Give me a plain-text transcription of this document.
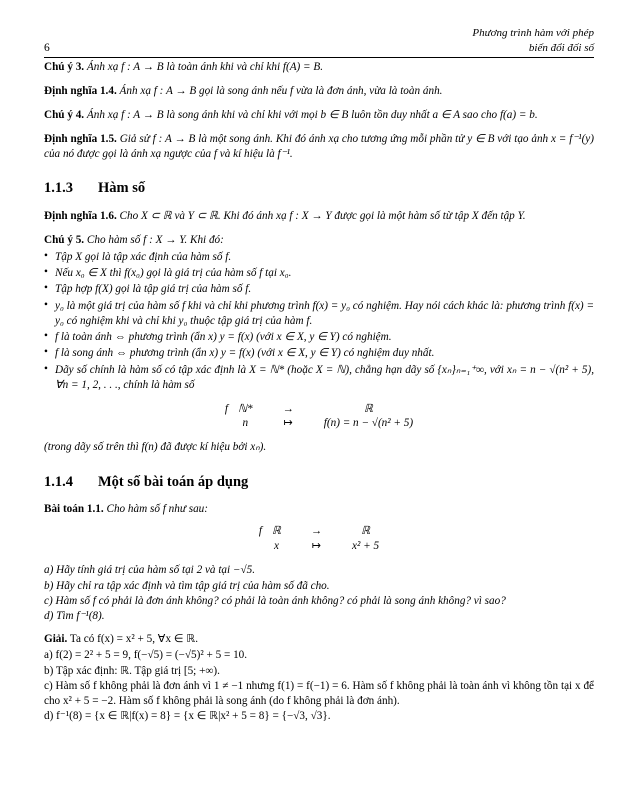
Phương trình hàm với phép
biến đổi đối số
6

Chú ý 3. Ánh xạ f : A → B là toàn ánh khi và chỉ khi f(A) = B.

Định nghĩa 1.4. Ánh xạ f : A → B gọi là song ánh nếu f vừa là đơn ánh, vừa là toàn ánh.

Chú ý 4. Ánh xạ f : A → B là song ánh khi và chỉ khi với mọi b ∈ B luôn tồn duy nhất a ∈ A sao cho f(a) = b.

Định nghĩa 1.5. Giả sử f : A → B là một song ánh. Khi đó ánh xạ cho tương ứng mỗi phần tử y ∈ B với tạo ảnh x = f⁻¹(y) của nó được gọi là ánh xạ ngược của f và kí hiệu là f⁻¹.

1.1.3 Hàm số

Định nghĩa 1.6. Cho X ⊂ ℝ và Y ⊂ ℝ. Khi đó ánh xạ f : X → Y được gọi là một hàm số từ tập X đến tập Y.

Chú ý 5. Cho hàm số f : X → Y. Khi đó:

• Tập X gọi là tập xác định của hàm số f.
• Nếu x₀ ∈ X thì f(x₀) gọi là giá trị của hàm số f tại x₀.
• Tập hợp f(X) gọi là tập giá trị của hàm số f.
• y₀ là một giá trị của hàm số f khi và chỉ khi phương trình f(x) = y₀ có nghiệm. Hay nói cách khác là: phương trình f(x) = y₀ có nghiệm khi và chỉ khi y₀ thuộc tập giá trị của hàm f.
• f là toàn ánh ⇔ phương trình (ẩn x) y = f(x) (với x ∈ X, y ∈ Y) có nghiệm.
• f là song ánh ⇔ phương trình (ẩn x) y = f(x) (với x ∈ X, y ∈ Y) có nghiệm duy nhất.
• Dãy số chính là hàm số có tập xác định là X = ℕ* (hoặc X = ℕ), chẳng hạn dãy số {xₙ}ₙ₌₁⁺∞, với xₙ = n − √(n² + 5), ∀n = 1, 2, . . ., chính là hàm số
f	ℕ*	→	ℝ
	n	↦	f(n) = n − √(n² + 5)

(trong dãy số trên thì f(n) đã được kí hiệu bởi xₙ).

1.1.4 Một số bài toán áp dụng

Bài toán 1.1. Cho hàm số f như sau:

f	ℝ	→	ℝ
	x	↦	x² + 5
a) Hãy tính giá trị của hàm số tại 2 và tại −√5.
b) Hãy chỉ ra tập xác định và tìm tập giá trị của hàm số đã cho.
c) Hàm số f có phải là đơn ánh không? có phải là toàn ánh không? có phải là song ánh không? vì sao?
d) Tìm f⁻¹(8).

Giải. Ta có f(x) = x² + 5, ∀x ∈ ℝ.

a) f(2) = 2² + 5 = 9, f(−√5) = (−√5)² + 5 = 10.
b) Tập xác định: ℝ. Tập giá trị [5; +∞).
c) Hàm số f không phải là đơn ánh vì 1 ≠ −1 nhưng f(1) = f(−1) = 6. Hàm số f không phải là toàn ánh vì không tồn tại x để cho x² + 5 = −2. Hàm số f không phải là song ánh (do f không phải là đơn ánh).
d) f⁻¹(8) = {x ∈ ℝ|f(x) = 8} = {x ∈ ℝ|x² + 5 = 8} = {−√3, √3}.
